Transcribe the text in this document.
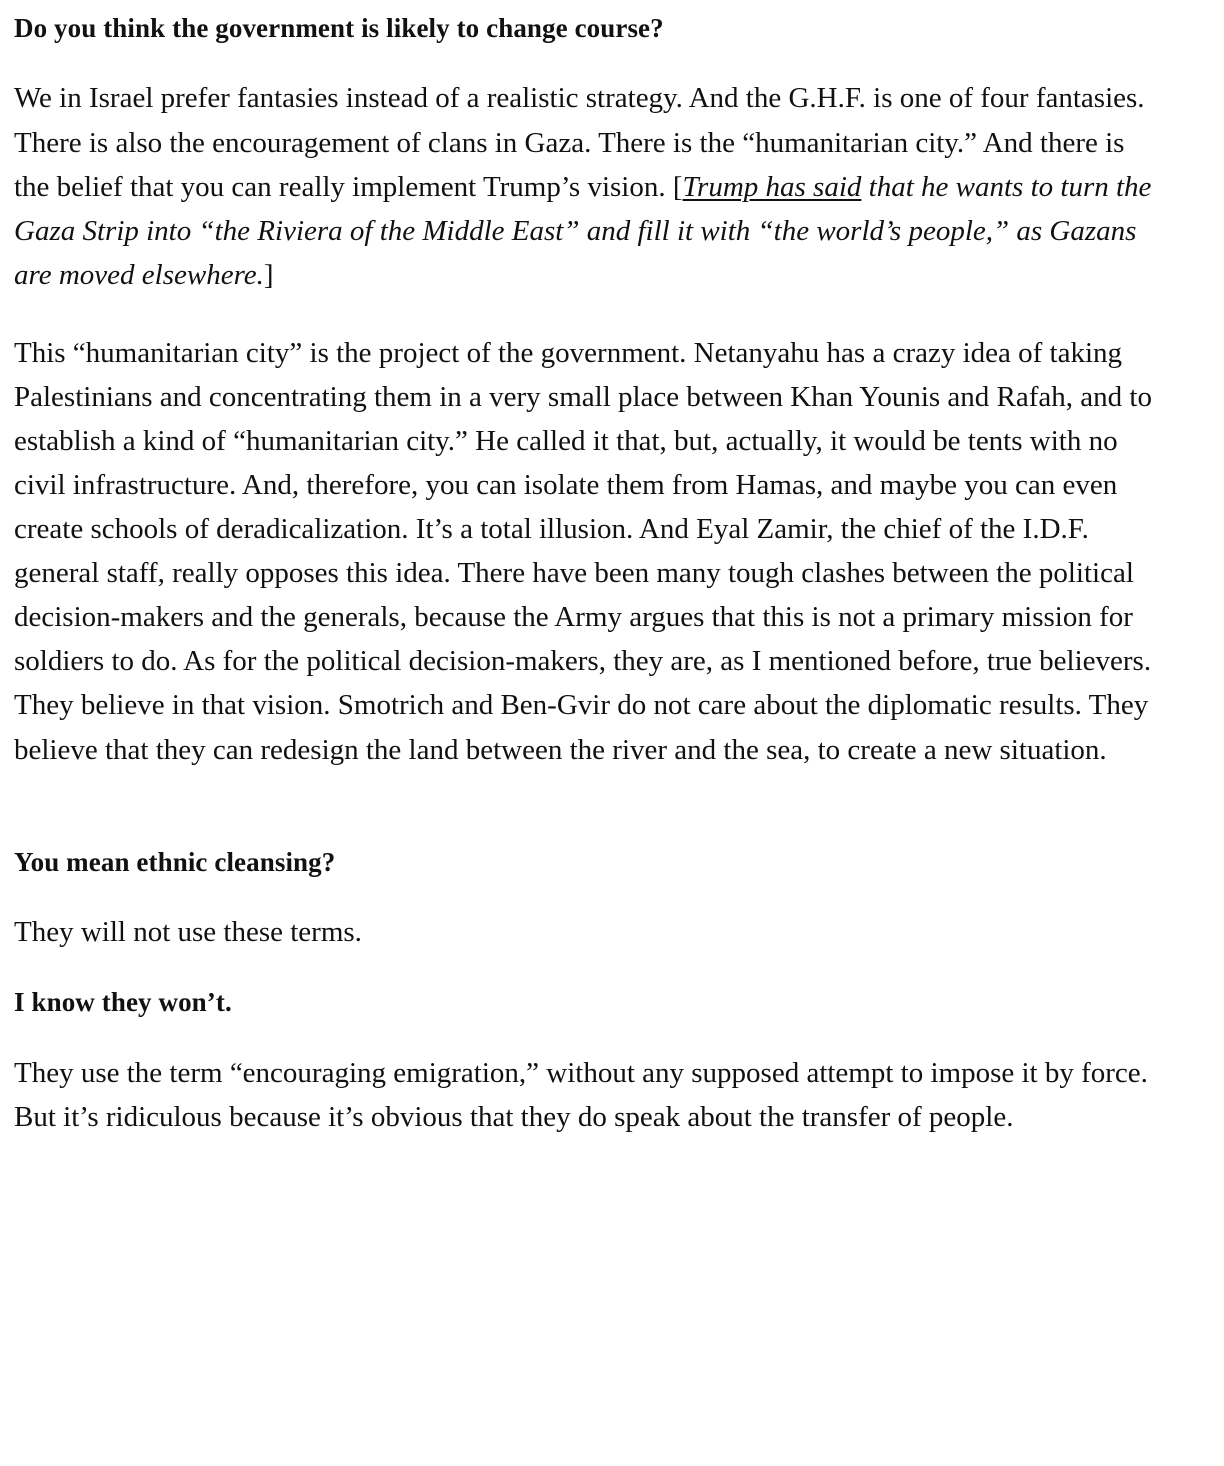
Do you think the government is likely to change course?

We in Israel prefer fantasies instead of a realistic strategy. And the G.H.F. is one of four fantasies. There is also the encouragement of clans in Gaza. There is the “humanitarian city.” And there is the belief that you can really implement Trump’s vision. [Trump has said that he wants to turn the Gaza Strip into “the Riviera of the Middle East” and fill it with “the world’s people,” as Gazans are moved elsewhere.]

This “humanitarian city” is the project of the government. Netanyahu has a crazy idea of taking Palestinians and concentrating them in a very small place between Khan Younis and Rafah, and to establish a kind of “humanitarian city.” He called it that, but, actually, it would be tents with no civil infrastructure. And, therefore, you can isolate them from Hamas, and maybe you can even create schools of deradicalization. It’s a total illusion. And Eyal Zamir, the chief of the I.D.F. general staff, really opposes this idea. There have been many tough clashes between the political decision-makers and the generals, because the Army argues that this is not a primary mission for soldiers to do. As for the political decision-makers, they are, as I mentioned before, true believers. They believe in that vision. Smotrich and Ben-Gvir do not care about the diplomatic results. They believe that they can redesign the land between the river and the sea, to create a new situation.

You mean ethnic cleansing?

They will not use these terms.

I know they won’t.

They use the term “encouraging emigration,” without any supposed attempt to impose it by force. But it’s ridiculous because it’s obvious that they do speak about the transfer of people.
